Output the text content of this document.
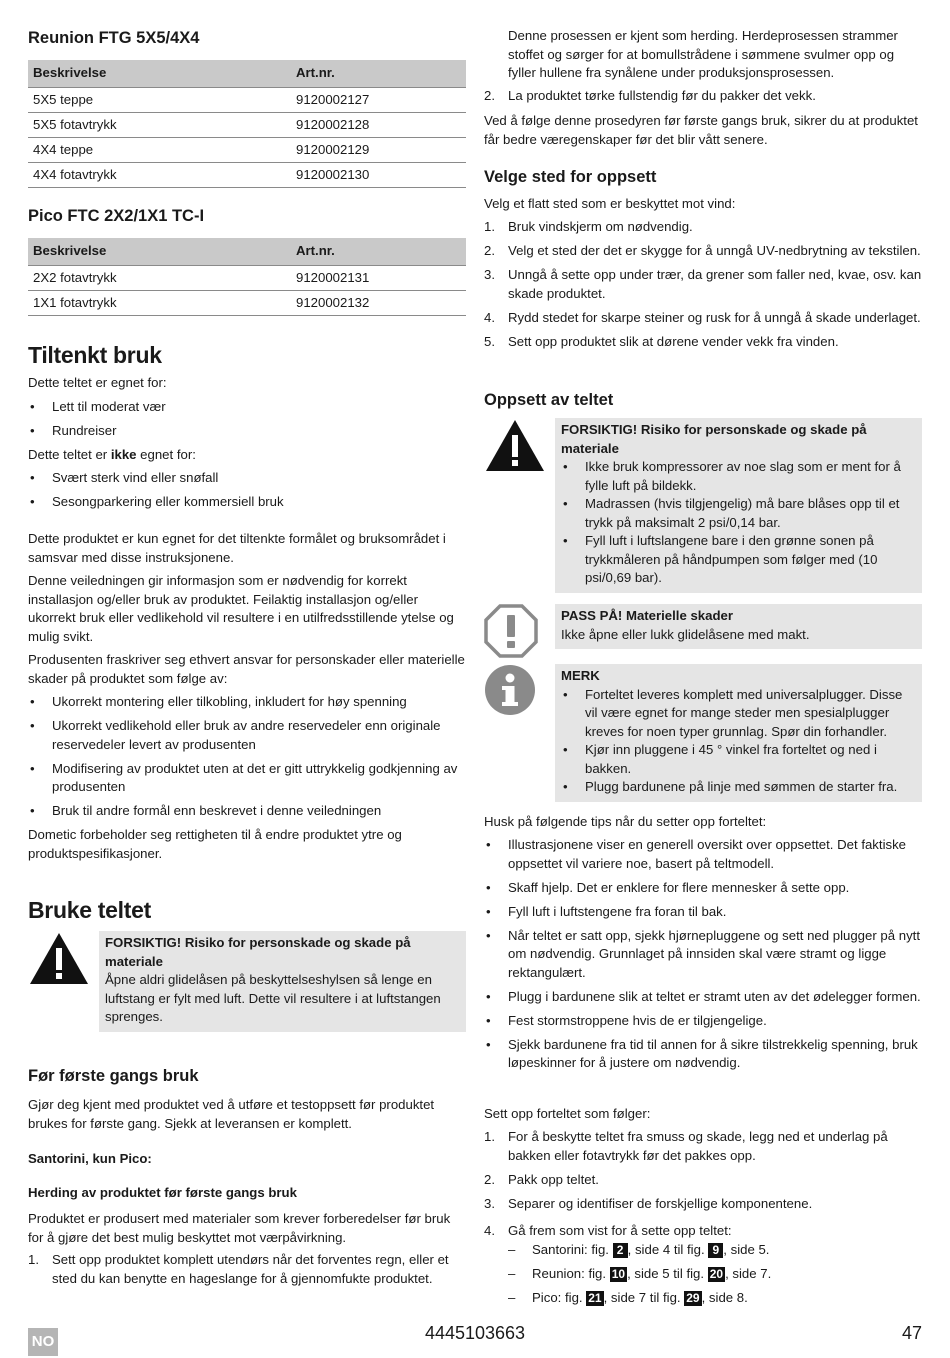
Reunion FTG 5X5/4X4
Beskrivelse	Art.nr.
5X5 teppe	9120002127
5X5 fotavtrykk	9120002128
4X4 teppe	9120002129
4X4 fotavtrykk	9120002130
Pico FTC 2X2/1X1 TC-I
Beskrivelse	Art.nr.
2X2 fotavtrykk	9120002131
1X1 fotavtrykk	9120002132
Tiltenkt bruk

Dette teltet er egnet for:

• Lett til moderat vær
• Rundreiser

Dette teltet er ikke egnet for:

• Svært sterk vind eller snøfall
• Sesongparkering eller kommersiell bruk

Dette produktet er kun egnet for det tiltenkte formålet og bruksområdet i samsvar med disse instruksjonene.

Denne veiledningen gir informasjon som er nødvendig for korrekt installasjon og/eller bruk av produktet. Feilaktig installasjon og/eller ukorrekt bruk eller vedlikehold vil resultere i en utilfredsstillende ytelse og mulig svikt.

Produsenten fraskriver seg ethvert ansvar for personskader eller materielle skader på produktet som følge av:

• Ukorrekt montering eller tilkobling, inkludert for høy spenning
• Ukorrekt vedlikehold eller bruk av andre reservedeler enn originale reservedeler levert av produsenten
• Modifisering av produktet uten at det er gitt uttrykkelig godkjenning av produsenten
• Bruk til andre formål enn beskrevet i denne veiledningen

Dometic forbeholder seg rettigheten til å endre produktet ytre og produktspesifikasjoner.

Bruke teltet
FORSIKTIG! Risiko for personskade og skade på materiale
Åpne aldri glidelåsen på beskyttelseshylsen så lenge en luftstang er fylt med luft. Dette vil resultere i at luftstangen sprenges.
Før første gangs bruk
Gjør deg kjent med produktet ved å utføre et testoppsett før produktet brukes for første gang. Sjekk at leveransen er komplett.
Santorini, kun Pico:
Herding av produktet før første gangs bruk
Produktet er produsert med materialer som krever forberedelser før bruk for å gjøre det best mulig beskyttet mot værpåvirkning.
1. Sett opp produktet komplett utendørs når det forventes regn, eller et sted du kan benytte en hageslange for å gjennomfukte produktet.
Denne prosessen er kjent som herding. Herdeprosessen strammer stoffet og sørger for at bomullstrådene i sømmene svulmer opp og fyller hullene fra synålene under produksjonsprosessen.
2. La produktet tørke fullstendig før du pakker det vekk.
Ved å følge denne prosedyren før første gangs bruk, sikrer du at produktet får bedre væregenskaper før det blir vått senere.
Velge sted for oppsett
Velg et flatt sted som er beskyttet mot vind:
1. Bruk vindskjerm om nødvendig.
2. Velg et sted der det er skygge for å unngå UV-nedbrytning av tekstilen.
3. Unngå å sette opp under trær, da grener som faller ned, kvae, osv. kan skade produktet.
4. Rydd stedet for skarpe steiner og rusk for å unngå å skade underlaget.
5. Sett opp produktet slik at dørene vender vekk fra vinden.
Oppsett av teltet
FORSIKTIG! Risiko for personskade og skade på materiale
• Ikke bruk kompressorer av noe slag som er ment for å fylle luft på bildekk.
• Madrassen (hvis tilgjengelig) må bare blåses opp til et trykk på maksimalt 2 psi/0,14 bar.
• Fyll luft i luftslangene bare i den grønne sonen på trykkmåleren på håndpumpen som følger med (10 psi/0,69 bar).
PASS PÅ! Materielle skader
Ikke åpne eller lukk glidelåsene med makt.
MERK
• Forteltet leveres komplett med universalplugger. Disse vil være egnet for mange steder men spesialplugger kreves for noen typer grunnlag. Spør din forhandler.
• Kjør inn pluggene i 45 ° vinkel fra forteltet og ned i bakken.
• Plugg bardunene på linje med sømmen de starter fra.
Husk på følgende tips når du setter opp forteltet:
• Illustrasjonene viser en generell oversikt over oppsettet. Det faktiske oppsettet vil variere noe, basert på teltmodell.
• Skaff hjelp. Det er enklere for flere mennesker å sette opp.
• Fyll luft i luftstengene fra foran til bak.
• Når teltet er satt opp, sjekk hjørnepluggene og sett ned plugger på nytt om nødvendig. Grunnlaget på innsiden skal være stramt og ligge rektangulært.
• Plugg i bardunene slik at teltet er stramt uten av det ødelegger formen.
• Fest stormstroppene hvis de er tilgjengelige.
• Sjekk bardunene fra tid til annen for å sikre tilstrekkelig spenning, bruk løpeskinner for å justere om nødvendig.
Sett opp forteltet som følger:
1. For å beskytte teltet fra smuss og skade, legg ned et underlag på bakken eller fotavtrykk før det pakkes opp.
2. Pakk opp teltet.
3. Separer og identifiser de forskjellige komponentene.
4. Gå frem som vist for å sette opp teltet:
– Santorini: fig. 2 , side 4 til fig. 9 , side 5.
– Reunion: fig. 10 , side 5 til fig. 20 , side 7.
– Pico: fig. 21 , side 7 til fig. 29 , side 8.
NO	4445103663	47
